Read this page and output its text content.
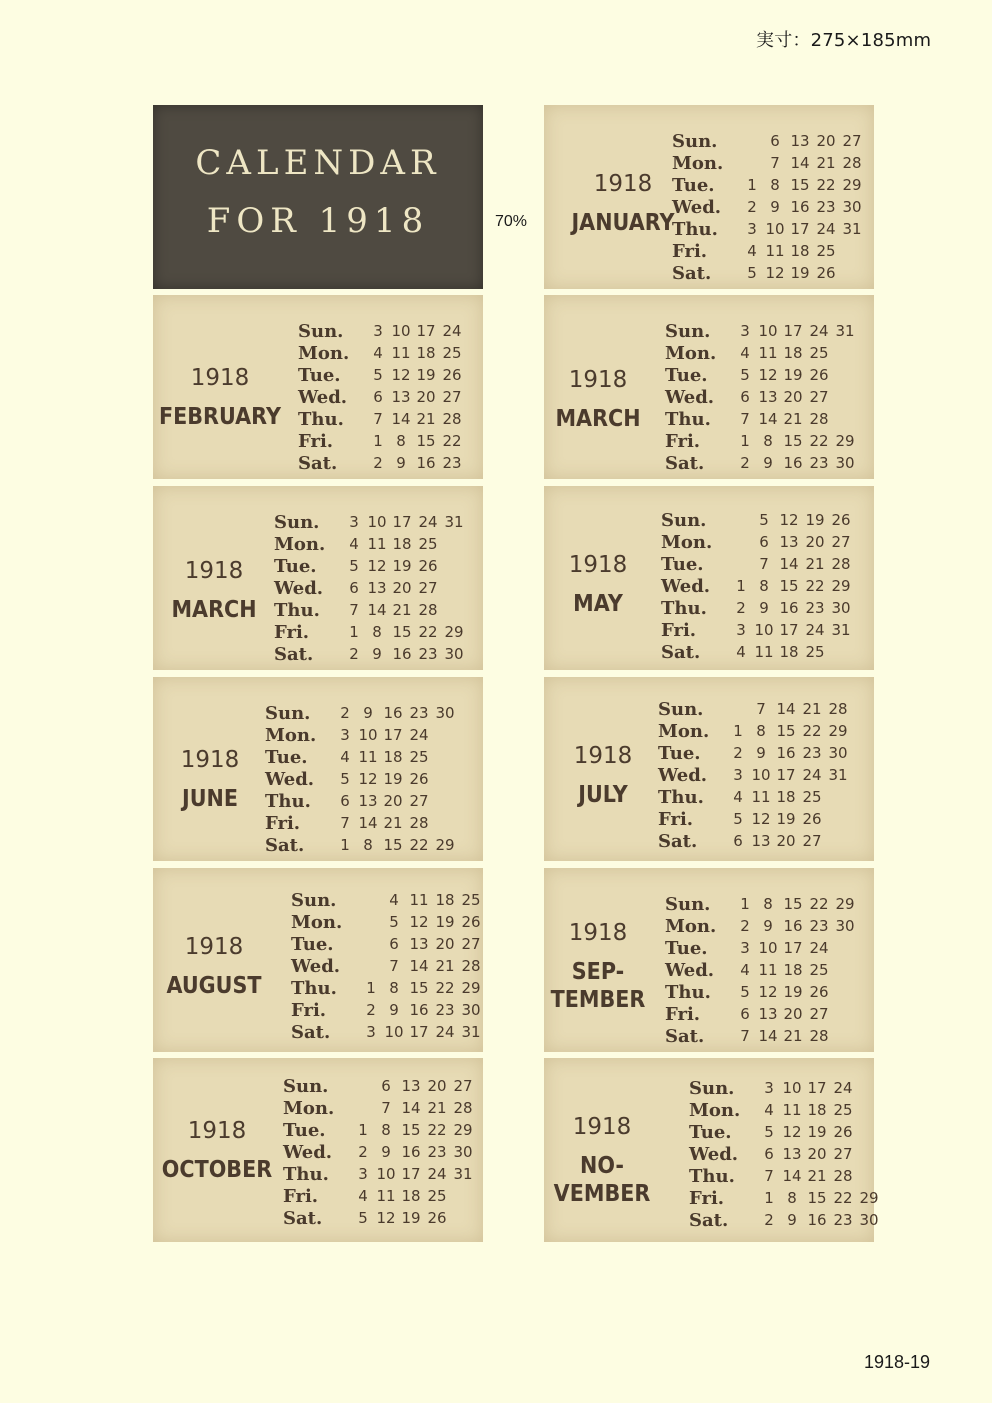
実寸：275×185mm
70%
1918-19
CALENDAR
FOR 1918
1918
JANUARY
Sun.	6 13 20 27
Mon.	7 14 21 28
Tue.	1 8 15 22 29
Wed.	2 9 16 23 30
Thu.	3 10 17 24 31
Fri.	4 11 18 25
Sat.	5 12 19 26
1918
FEBRUARY
Sun.	3 10 17 24
Mon.	4 11 18 25
Tue.	5 12 19 26
Wed.	6 13 20 27
Thu.	7 14 21 28
Fri.	1 8 15 22
Sat.	2 9 16 23
1918
MARCH
Sun.	3 10 17 24 31
Mon.	4 11 18 25
Tue.	5 12 19 26
Wed.	6 13 20 27
Thu.	7 14 21 28
Fri.	1 8 15 22 29
Sat.	2 9 16 23 30
1918
MARCH
Sun.	3 10 17 24 31
Mon.	4 11 18 25
Tue.	5 12 19 26
Wed.	6 13 20 27
Thu.	7 14 21 28
Fri.	1 8 15 22 29
Sat.	2 9 16 23 30
1918
MAY
Sun.	5 12 19 26
Mon.	6 13 20 27
Tue.	7 14 21 28
Wed.	1 8 15 22 29
Thu.	2 9 16 23 30
Fri.	3 10 17 24 31
Sat.	4 11 18 25
1918
JUNE
Sun.	2 9 16 23 30
Mon.	3 10 17 24
Tue.	4 11 18 25
Wed.	5 12 19 26
Thu.	6 13 20 27
Fri.	7 14 21 28
Sat.	1 8 15 22 29
1918
JULY
Sun.	7 14 21 28
Mon.	1 8 15 22 29
Tue.	2 9 16 23 30
Wed.	3 10 17 24 31
Thu.	4 11 18 25
Fri.	5 12 19 26
Sat.	6 13 20 27
1918
AUGUST
Sun.	4 11 18 25
Mon.	5 12 19 26
Tue.	6 13 20 27
Wed.	7 14 21 28
Thu.	1 8 15 22 29
Fri.	2 9 16 23 30
Sat.	3 10 17 24 31
1918
SEP-
TEMBER
Sun.	1 8 15 22 29
Mon.	2 9 16 23 30
Tue.	3 10 17 24
Wed.	4 11 18 25
Thu.	5 12 19 26
Fri.	6 13 20 27
Sat.	7 14 21 28
1918
OCTOBER
Sun.	6 13 20 27
Mon.	7 14 21 28
Tue.	1 8 15 22 29
Wed.	2 9 16 23 30
Thu.	3 10 17 24 31
Fri.	4 11 18 25
Sat.	5 12 19 26
1918
NO-
VEMBER
Sun.	3 10 17 24
Mon.	4 11 18 25
Tue.	5 12 19 26
Wed.	6 13 20 27
Thu.	7 14 21 28
Fri.	1 8 15 22 29
Sat.	2 9 16 23 30
